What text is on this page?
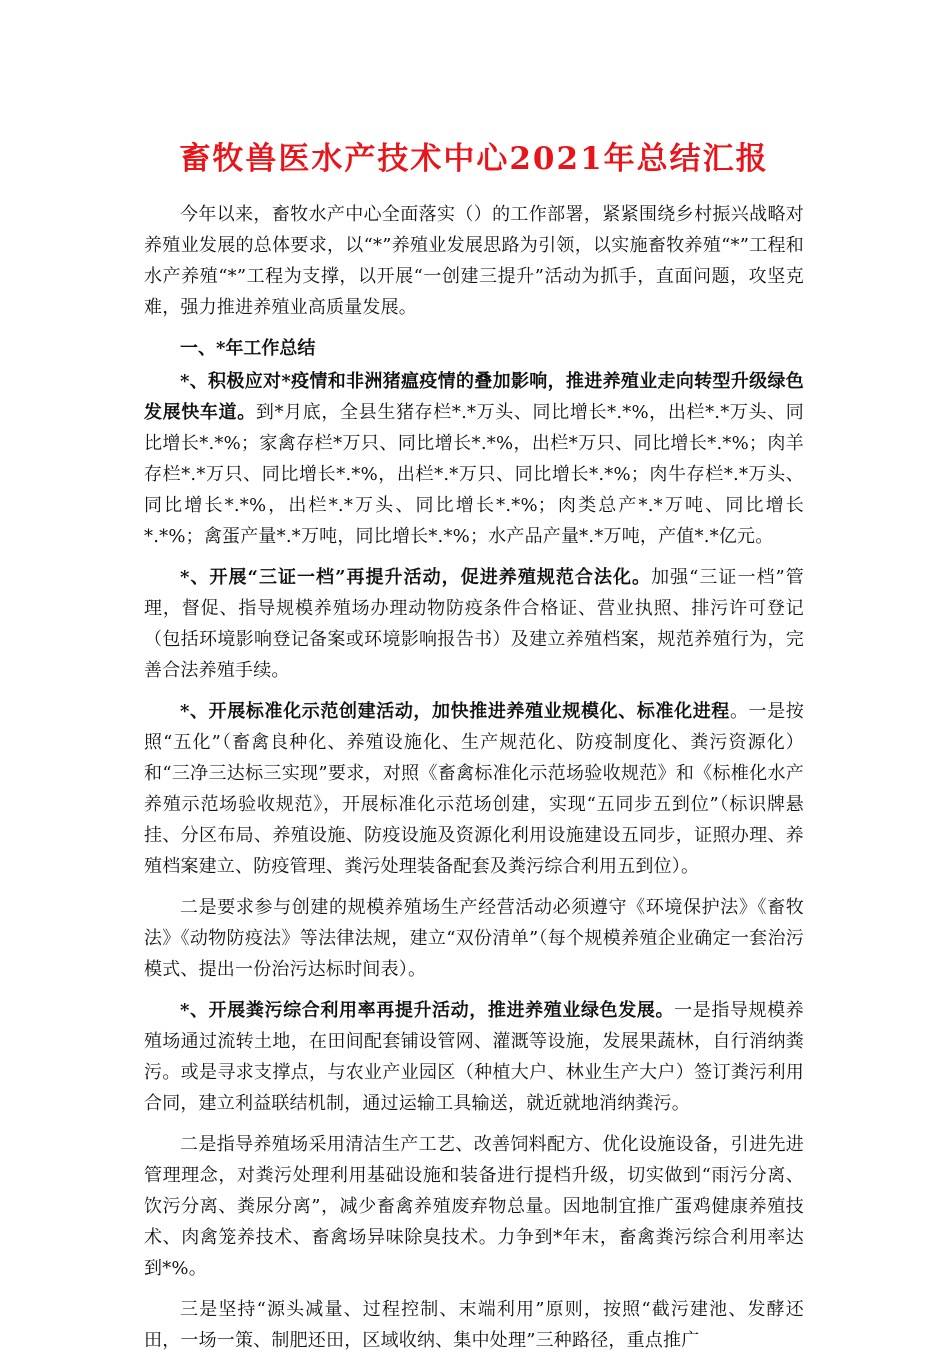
畜牧兽医水产技术中心2021年总结汇报

今年以来，畜牧水产中心全面落实（）的工作部署，紧紧围绕乡村振兴战略对养殖业发展的总体要求，以“*”养殖业发展思路为引领，以实施畜牧养殖“*”工程和水产养殖“*”工程为支撑，以开展“一创建三提升”活动为抓手，直面问题，攻坚克难，强力推进养殖业高质量发展。

一、*年工作总结

*、积极应对*疫情和非洲猪瘟疫情的叠加影响，推进养殖业走向转型升级绿色发展快车道。到*月底，全县生猪存栏*.*万头、同比增长*.*%，出栏*.*万头、同比增长*.*%；家禽存栏*万只、同比增长*.*%，出栏*万只、同比增长*.*%；肉羊存栏*.*万只、同比增长*.*%，出栏*.*万只、同比增长*.*%；肉牛存栏*.*万头、同比增长*.*%，出栏*.*万头、同比增长*.*%；肉类总产*.*万吨、同比增长*.*%；禽蛋产量*.*万吨，同比增长*.*%；水产品产量*.*万吨，产值*.*亿元。

*、开展“三证一档”再提升活动，促进养殖规范合法化。加强“三证一档”管理，督促、指导规模养殖场办理动物防疫条件合格证、营业执照、排污许可登记（包括环境影响登记备案或环境影响报告书）及建立养殖档案，规范养殖行为，完善合法养殖手续。

*、开展标准化示范创建活动，加快推进养殖业规模化、标准化进程。一是按照“五化”（畜禽良种化、养殖设施化、生产规范化、防疫制度化、粪污资源化）和“三净三达标三实现”要求，对照《畜禽标准化示范场验收规范》和《标椎化水产养殖示范场验收规范》，开展标准化示范场创建，实现“五同步五到位”（标识牌悬挂、分区布局、养殖设施、防疫设施及资源化利用设施建设五同步，证照办理、养殖档案建立、防疫管理、粪污处理装备配套及粪污综合利用五到位）。

二是要求参与创建的规模养殖场生产经营活动必须遵守《环境保护法》《畜牧法》《动物防疫法》等法律法规，建立“双份清单”（每个规模养殖企业确定一套治污模式、提出一份治污达标时间表）。

*、开展粪污综合利用率再提升活动，推进养殖业绿色发展。一是指导规模养殖场通过流转土地，在田间配套铺设管网、灌溉等设施，发展果蔬林，自行消纳粪污。或是寻求支撑点，与农业产业园区（种植大户、林业生产大户）签订粪污利用合同，建立利益联结机制，通过运输工具输送，就近就地消纳粪污。

二是指导养殖场采用清洁生产工艺、改善饲料配方、优化设施设备，引进先进管理理念，对粪污处理利用基础设施和装备进行提档升级，切实做到“雨污分离、饮污分离、粪尿分离”，减少畜禽养殖废弃物总量。因地制宜推广蛋鸡健康养殖技术、肉禽笼养技术、畜禽场异味除臭技术。力争到*年末，畜禽粪污综合利用率达到*%。

三是坚持“源头减量、过程控制、末端利用”原则，按照“截污建池、发酵还田，一场一策、制肥还田，区域收纳、集中处理”三种路径，重点推广
